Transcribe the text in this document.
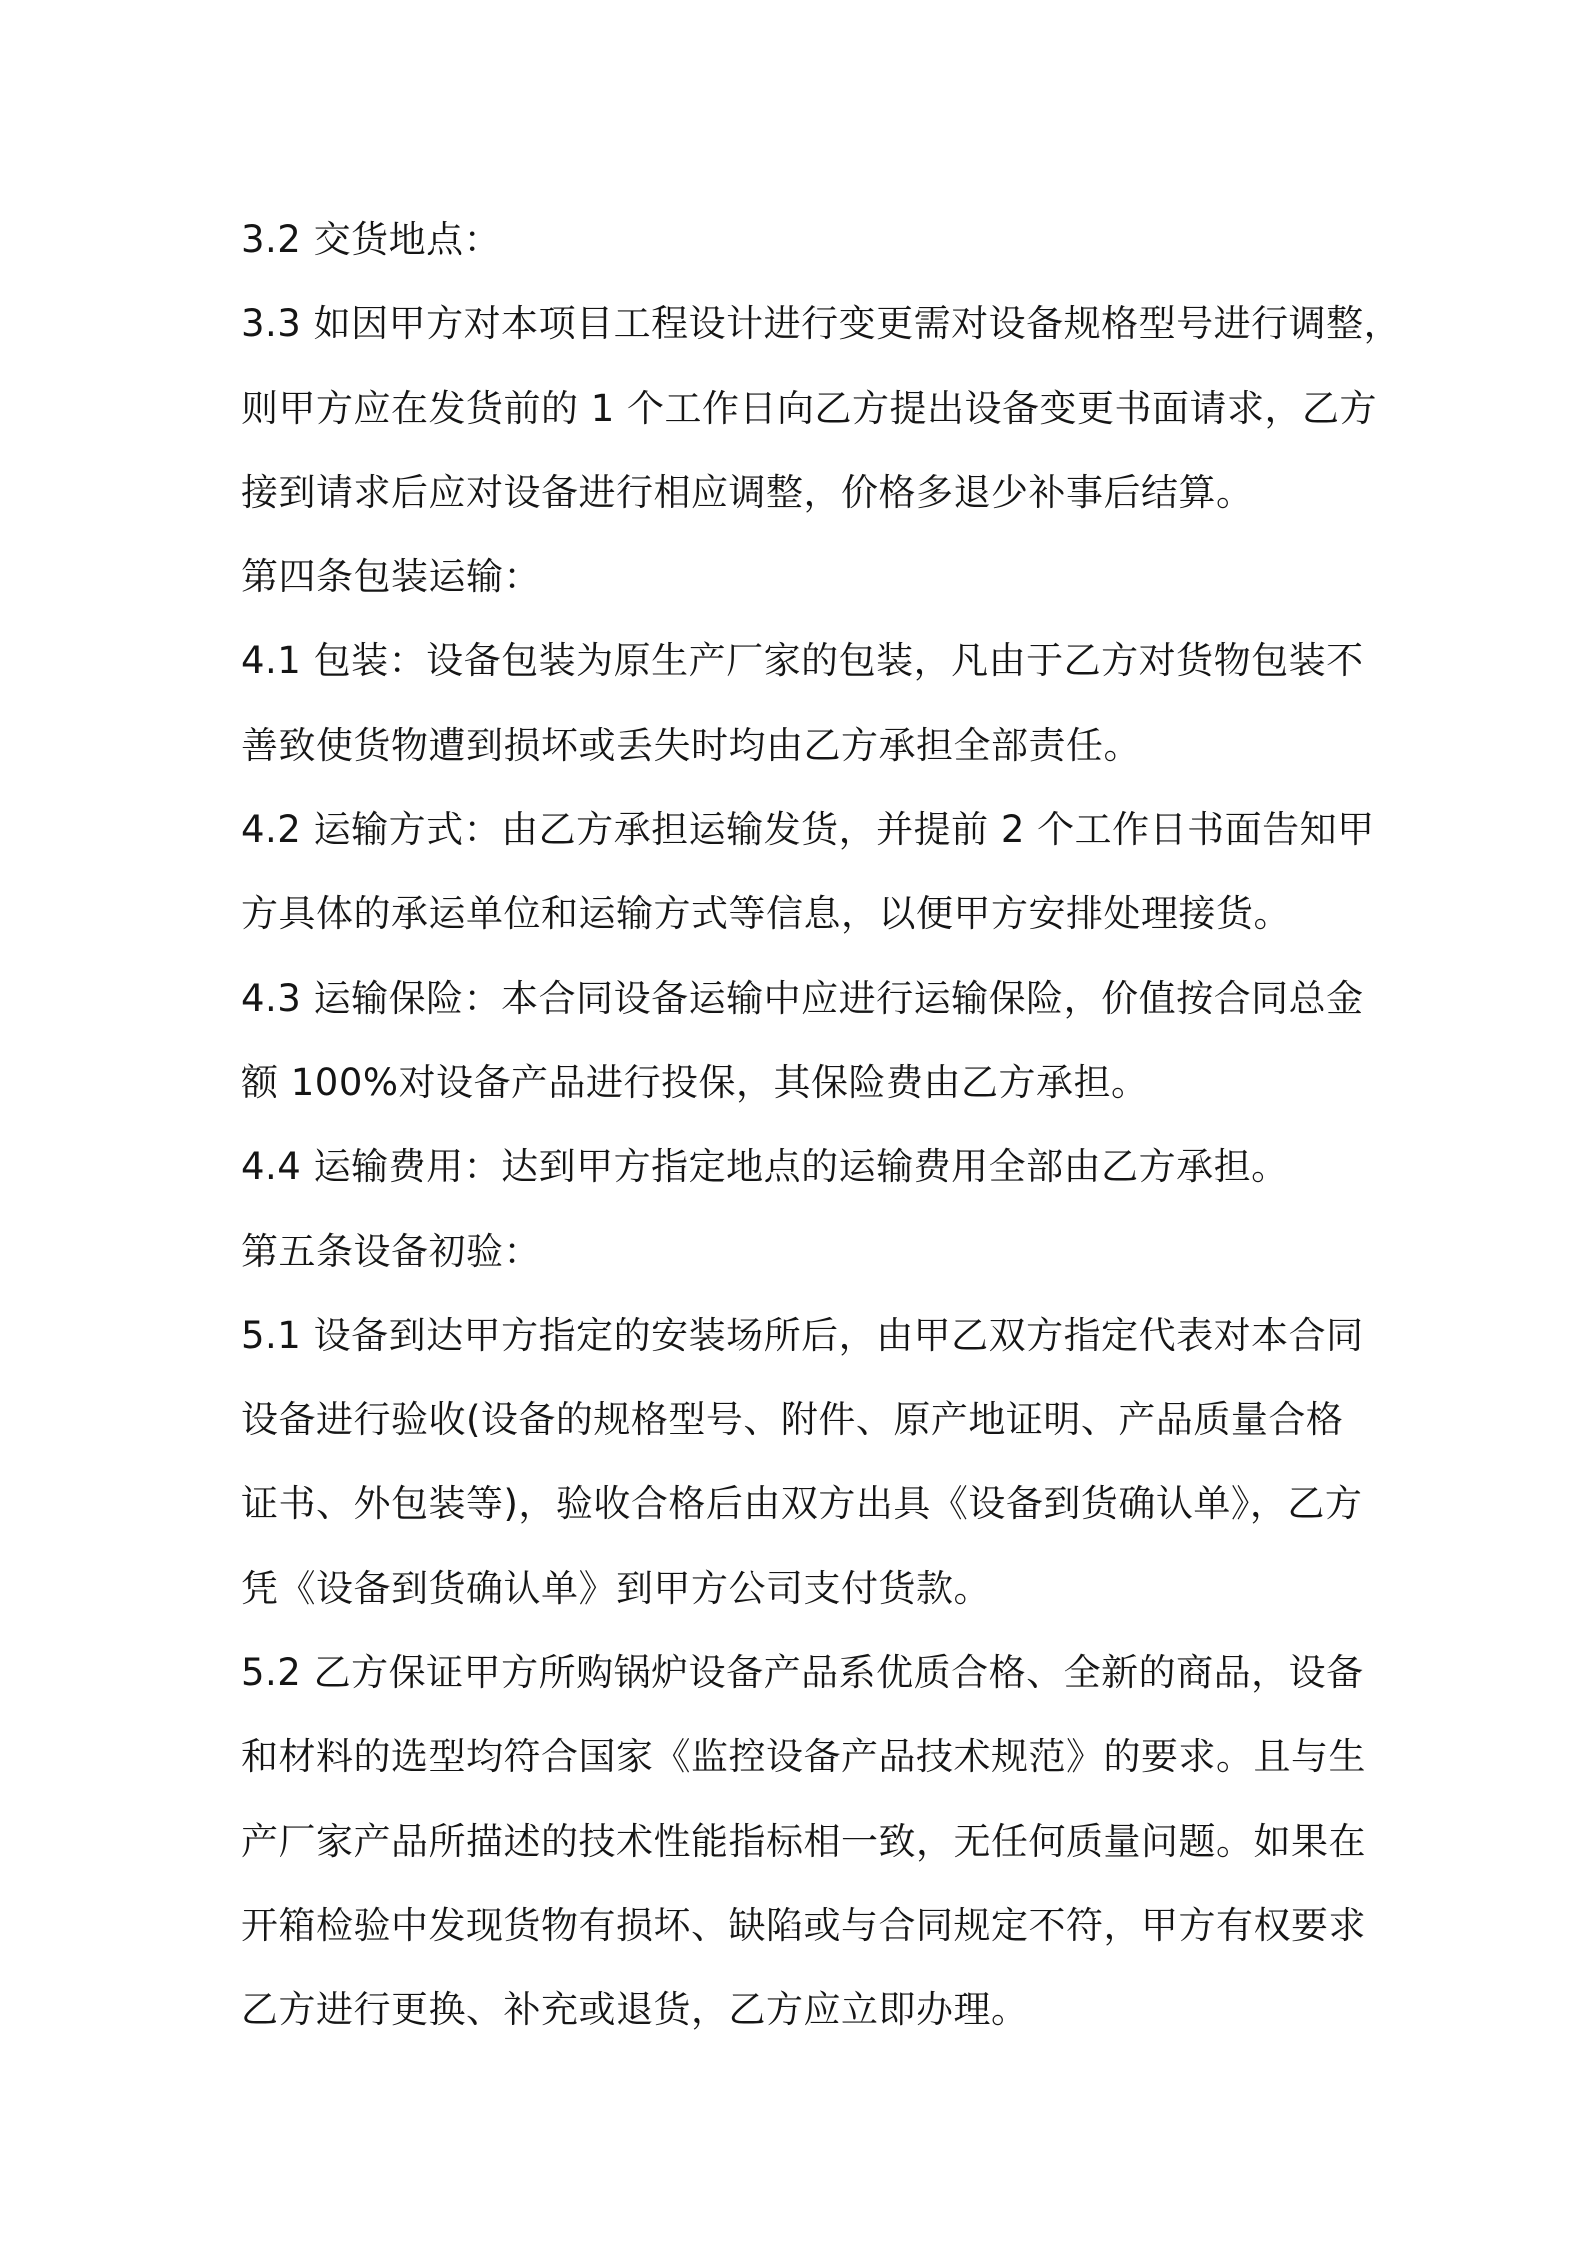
3.2 交货地点：
3.3 如因甲方对本项目工程设计进行变更需对设备规格型号进行调整，
则甲方应在发货前的 1 个工作日向乙方提出设备变更书面请求，乙方
接到请求后应对设备进行相应调整，价格多退少补事后结算。
第四条包装运输：
4.1 包装：设备包装为原生产厂家的包装，凡由于乙方对货物包装不
善致使货物遭到损坏或丢失时均由乙方承担全部责任。
4.2 运输方式：由乙方承担运输发货，并提前 2 个工作日书面告知甲
方具体的承运单位和运输方式等信息，以便甲方安排处理接货。
4.3 运输保险：本合同设备运输中应进行运输保险，价值按合同总金
额 100%对设备产品进行投保，其保险费由乙方承担。
4.4 运输费用：达到甲方指定地点的运输费用全部由乙方承担。
第五条设备初验：
5.1 设备到达甲方指定的安装场所后，由甲乙双方指定代表对本合同
设备进行验收(设备的规格型号、附件、原产地证明、产品质量合格
证书、外包装等)，验收合格后由双方出具《设备到货确认单》，乙方
凭《设备到货确认单》到甲方公司支付货款。
5.2 乙方保证甲方所购锅炉设备产品系优质合格、全新的商品，设备
和材料的选型均符合国家《监控设备产品技术规范》的要求。且与生
产厂家产品所描述的技术性能指标相一致，无任何质量问题。如果在
开箱检验中发现货物有损坏、缺陷或与合同规定不符，甲方有权要求
乙方进行更换、补充或退货，乙方应立即办理。
